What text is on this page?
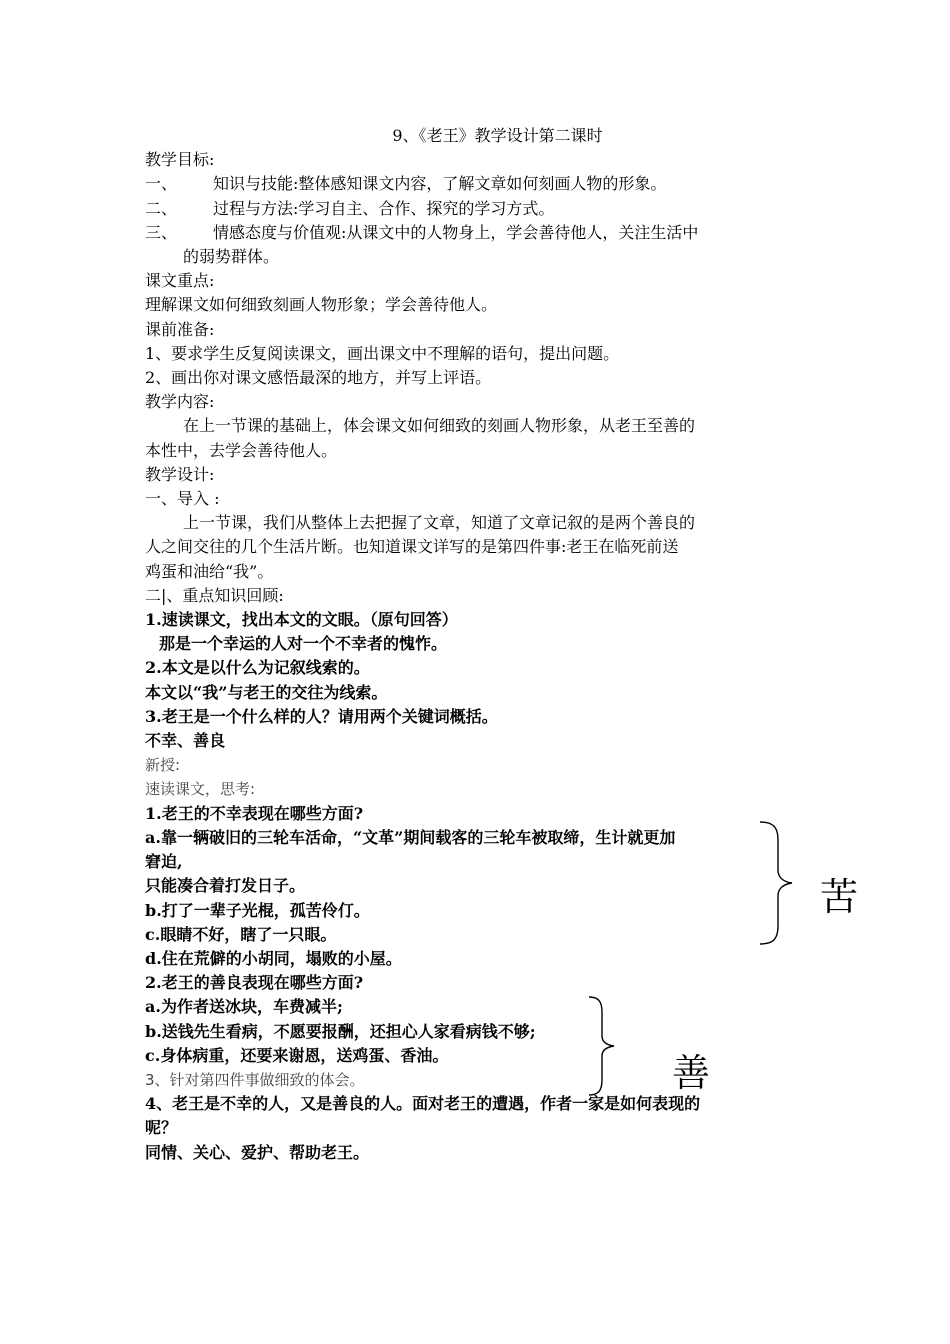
9、《老王》教学设计第二课时
教学目标:
一、 知识与技能:整体感知课文内容，了解文章如何刻画人物的形象。
二、 过程与方法:学习自主、合作、探究的学习方式。
三、 情感态度与价值观:从课文中的人物身上，学会善待他人，关注生活中
的弱势群体。
课文重点:
理解课文如何细致刻画人物形象；学会善待他人。
课前准备:
1、要求学生反复阅读课文，画出课文中不理解的语句，提出问题。
2、画出你对课文感悟最深的地方，并写上评语。
教学内容:
在上一节课的基础上，体会课文如何细致的刻画人物形象，从老王至善的
本性中，去学会善待他人。
教学设计:
一、导入 :
上一节课，我们从整体上去把握了文章，知道了文章记叙的是两个善良的
人之间交往的几个生活片断。也知道课文详写的是第四件事:老王在临死前送
鸡蛋和油给“我”。
二|、重点知识回顾:
1.速读课文，找出本文的文眼。（原句回答）
那是一个幸运的人对一个不幸者的愧怍。
2.本文是以什么为记叙线索的。
本文以“我”与老王的交往为线索。
3.老王是一个什么样的人？请用两个关键词概括。
不幸、善良
新授:
速读课文，思考:
1.老王的不幸表现在哪些方面?
a.靠一辆破旧的三轮车活命，“文革”期间载客的三轮车被取缔，生计就更加
窘迫,
只能凑合着打发日子。
b.打了一辈子光棍，孤苦伶仃。
c.眼睛不好，瞎了一只眼。
d.住在荒僻的小胡同，塌败的小屋。
2.老王的善良表现在哪些方面?
a.为作者送冰块，车费减半;
b.送钱先生看病，不愿要报酬，还担心人家看病钱不够;
c.身体病重，还要来谢恩，送鸡蛋、香油。
3、针对第四件事做细致的体会。
4、老王是不幸的人，又是善良的人。面对老王的遭遇，作者一家是如何表现的
呢？
同情、关心、爱护、帮助老王。
苦
善
